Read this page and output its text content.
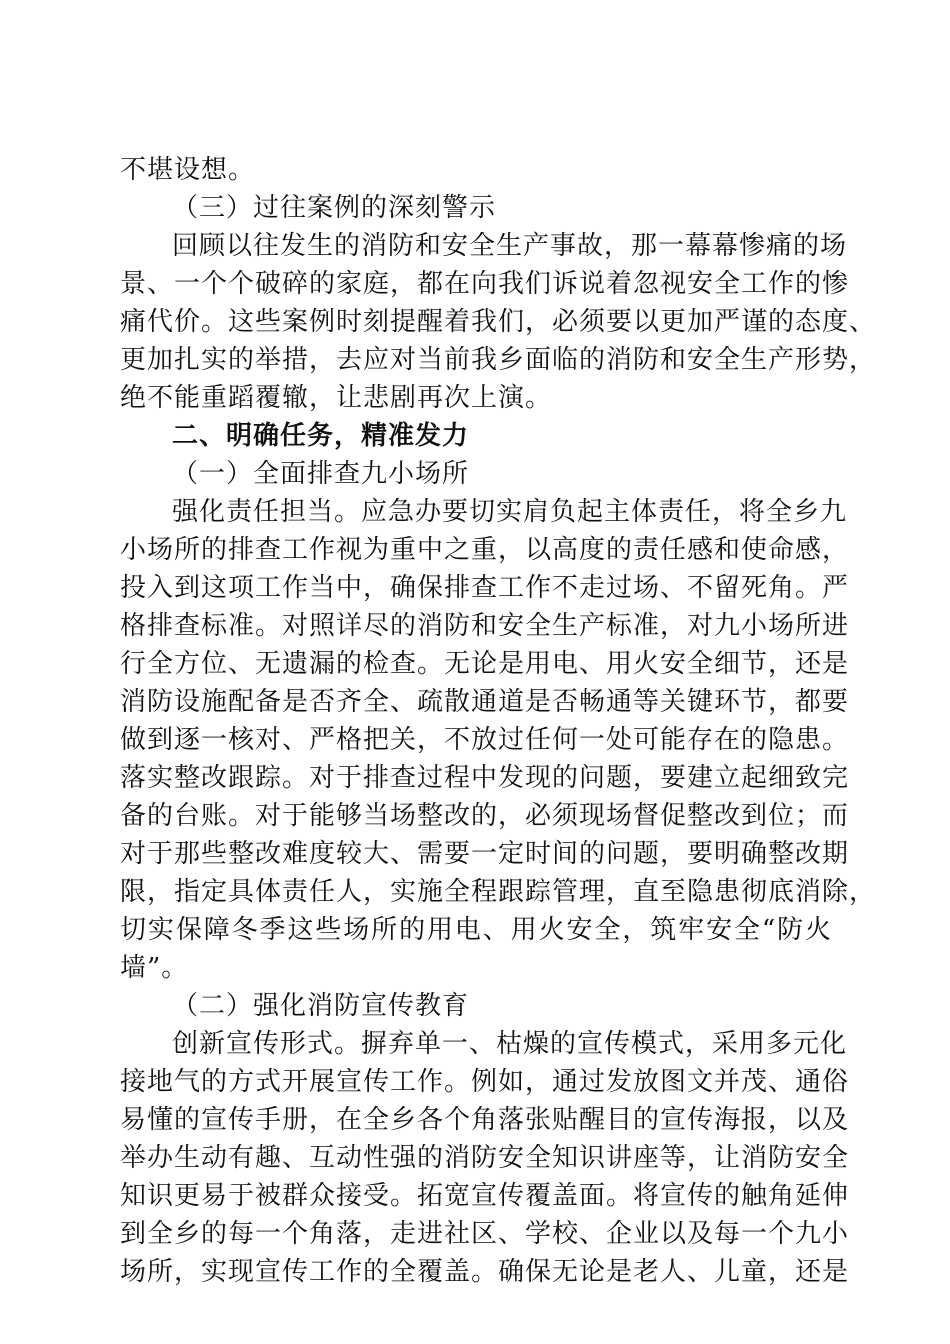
不堪设想。
（三）过往案例的深刻警示
回顾以往发生的消防和安全生产事故，那一幕幕惨痛的场
景、一个个破碎的家庭，都在向我们诉说着忽视安全工作的惨
痛代价。这些案例时刻提醒着我们，必须要以更加严谨的态度、
更加扎实的举措，去应对当前我乡面临的消防和安全生产形势，
绝不能重蹈覆辙，让悲剧再次上演。
二、明确任务，精准发力
（一）全面排查九小场所
强化责任担当。应急办要切实肩负起主体责任，将全乡九
小场所的排查工作视为重中之重，以高度的责任感和使命感，
投入到这项工作当中，确保排查工作不走过场、不留死角。严
格排查标准。对照详尽的消防和安全生产标准，对九小场所进
行全方位、无遗漏的检查。无论是用电、用火安全细节，还是
消防设施配备是否齐全、疏散通道是否畅通等关键环节，都要
做到逐一核对、严格把关，不放过任何一处可能存在的隐患。
落实整改跟踪。对于排查过程中发现的问题，要建立起细致完
备的台账。对于能够当场整改的，必须现场督促整改到位；而
对于那些整改难度较大、需要一定时间的问题，要明确整改期
限，指定具体责任人，实施全程跟踪管理，直至隐患彻底消除，
切实保障冬季这些场所的用电、用火安全，筑牢安全“防火
墙”。
（二）强化消防宣传教育
创新宣传形式。摒弃单一、枯燥的宣传模式，采用多元化
接地气的方式开展宣传工作。例如，通过发放图文并茂、通俗
易懂的宣传手册，在全乡各个角落张贴醒目的宣传海报，以及
举办生动有趣、互动性强的消防安全知识讲座等，让消防安全
知识更易于被群众接受。拓宽宣传覆盖面。将宣传的触角延伸
到全乡的每一个角落，走进社区、学校、企业以及每一个九小
场所，实现宣传工作的全覆盖。确保无论是老人、儿童，还是
